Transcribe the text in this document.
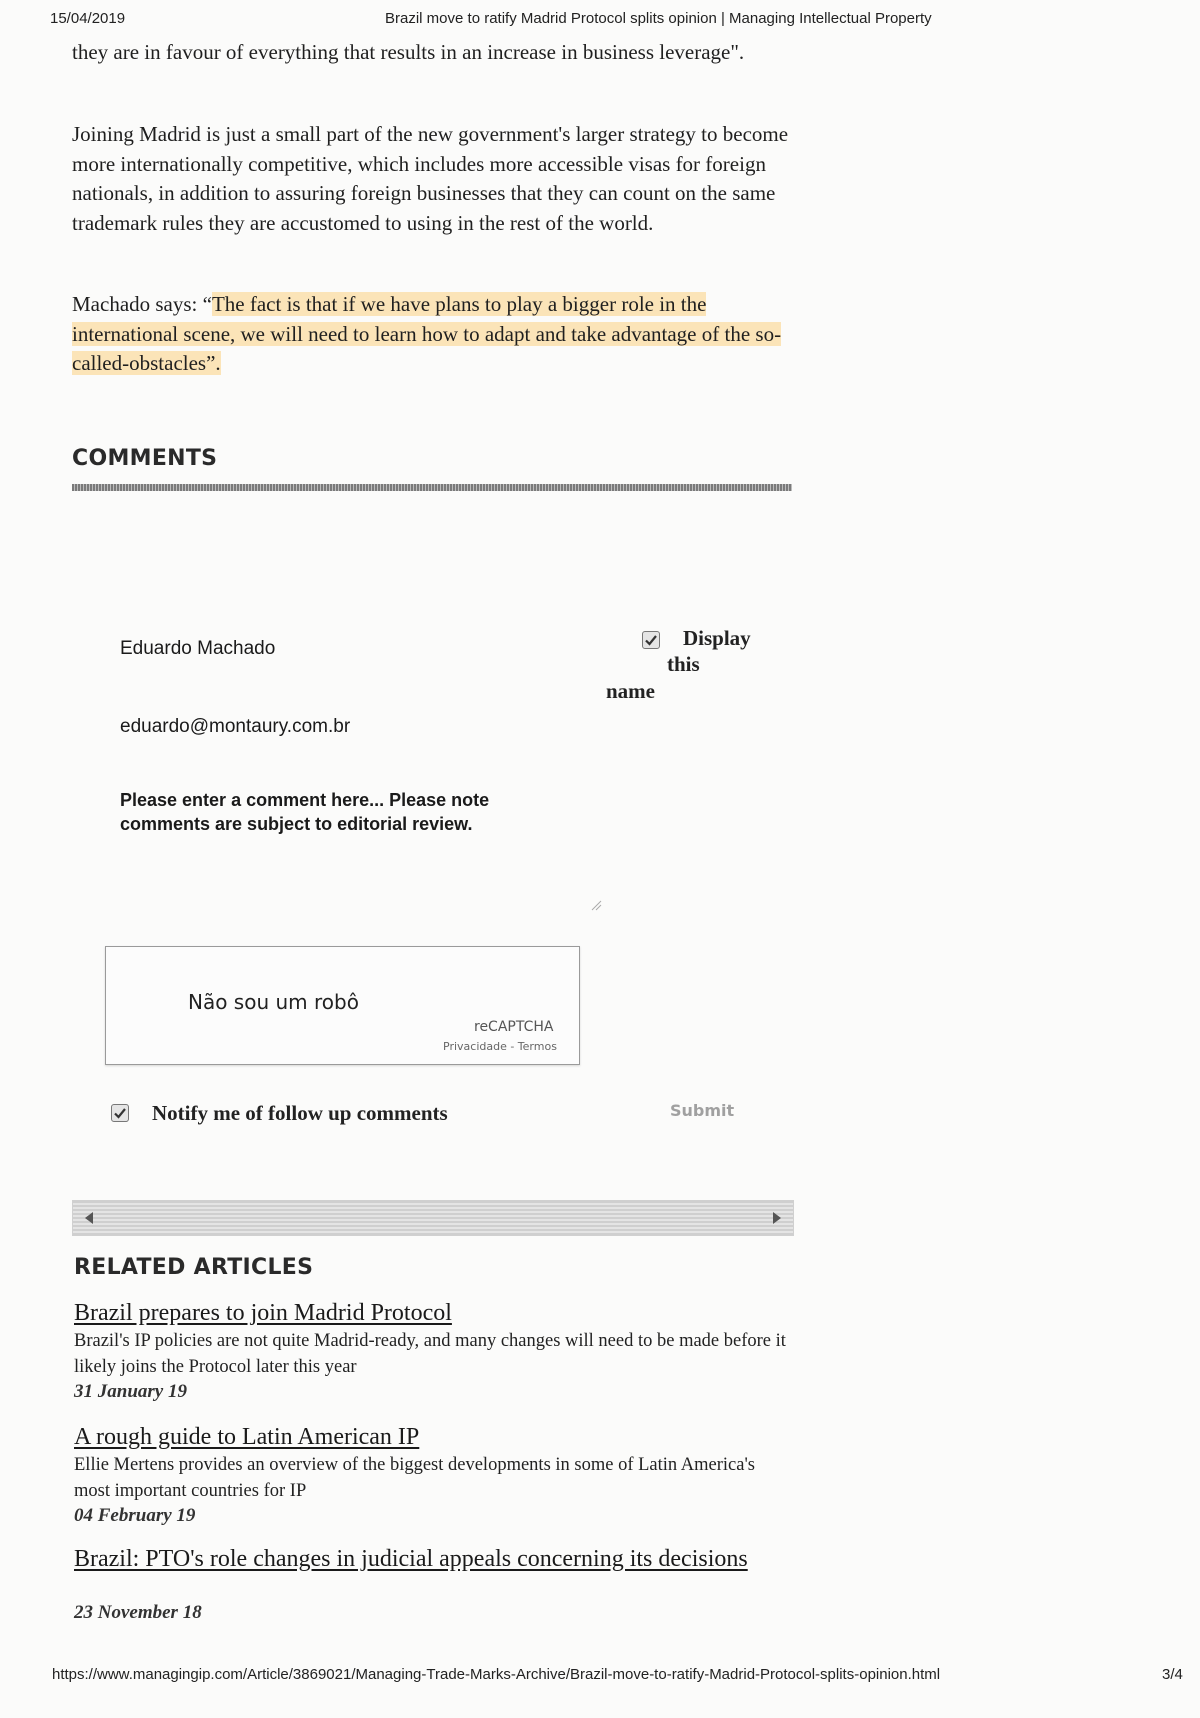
15/04/2019	Brazil move to ratify Madrid Protocol splits opinion | Managing Intellectual Property
they are in favour of everything that results in an increase in business leverage".
Joining Madrid is just a small part of the new government's larger strategy to become more internationally competitive, which includes more accessible visas for foreign nationals, in addition to assuring foreign businesses that they can count on the same trademark rules they are accustomed to using in the rest of the world.
Machado says: “The fact is that if we have plans to play a bigger role in the international scene, we will need to learn how to adapt and take advantage of the so-called-obstacles”.
COMMENTS
Eduardo Machado	Display
this
name
eduardo@montaury.com.br
Please enter a comment here... Please note comments are subject to editorial review.
Não sou um robô
reCAPTCHA
Privacidade - Termos
Notify me of follow up comments	Submit
RELATED ARTICLES
Brazil prepares to join Madrid Protocol
Brazil's IP policies are not quite Madrid-ready, and many changes will need to be made before it likely joins the Protocol later this year
31 January 19
A rough guide to Latin American IP
Ellie Mertens provides an overview of the biggest developments in some of Latin America's most important countries for IP
04 February 19
Brazil: PTO's role changes in judicial appeals concerning its decisions
23 November 18
https://www.managingip.com/Article/3869021/Managing-Trade-Marks-Archive/Brazil-move-to-ratify-Madrid-Protocol-splits-opinion.html	3/4
